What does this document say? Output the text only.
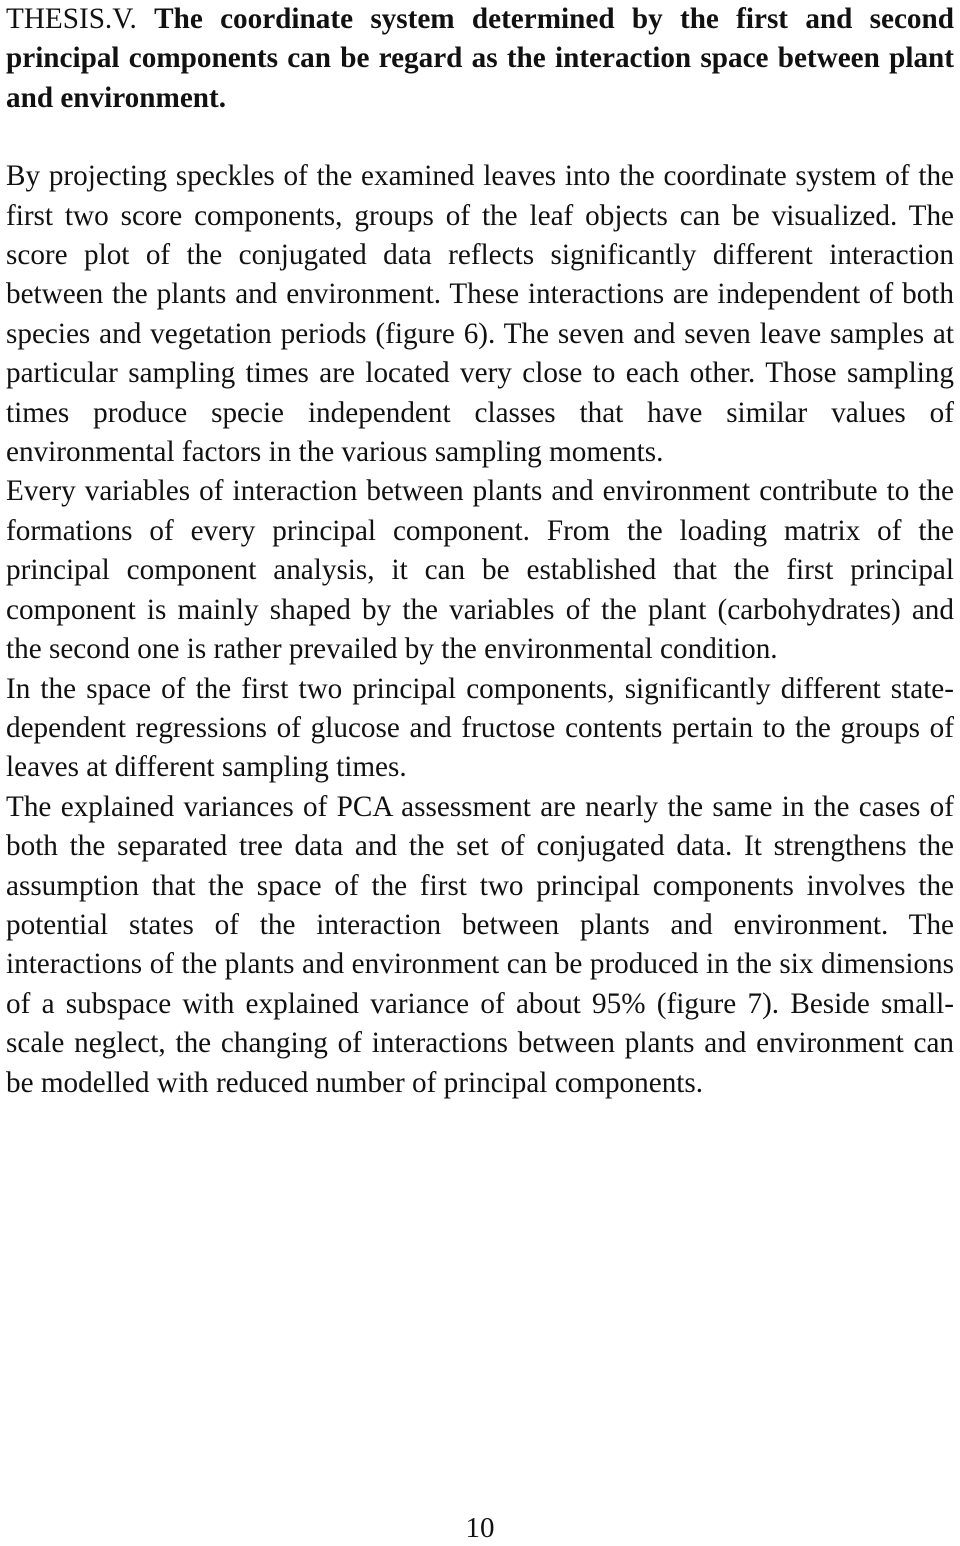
THESIS.V. The coordinate system determined by the first and second principal components can be regard as the interaction space between plant and environment.

By projecting speckles of the examined leaves into the coordinate system of the first two score components, groups of the leaf objects can be visualized. The score plot of the conjugated data reflects significantly different interaction between the plants and environment. These interactions are independent of both species and vegetation periods (figure 6). The seven and seven leave samples at particular sampling times are located very close to each other. Those sampling times produce specie independent classes that have similar values of environmental factors in the various sampling moments.

Every variables of interaction between plants and environment contribute to the formations of every principal component. From the loading matrix of the principal component analysis, it can be established that the first principal component is mainly shaped by the variables of the plant (carbohydrates) and the second one is rather prevailed by the environmental condition.

In the space of the first two principal components, significantly different state-dependent regressions of glucose and fructose contents pertain to the groups of leaves at different sampling times.

The explained variances of PCA assessment are nearly the same in the cases of both the separated tree data and the set of conjugated data. It strengthens the assumption that the space of the first two principal components involves the potential states of the interaction between plants and environment. The interactions of the plants and environment can be produced in the six dimensions of a subspace with explained variance of about 95% (figure 7). Beside small-scale neglect, the changing of interactions between plants and environment can be modelled with reduced number of principal components.

10
